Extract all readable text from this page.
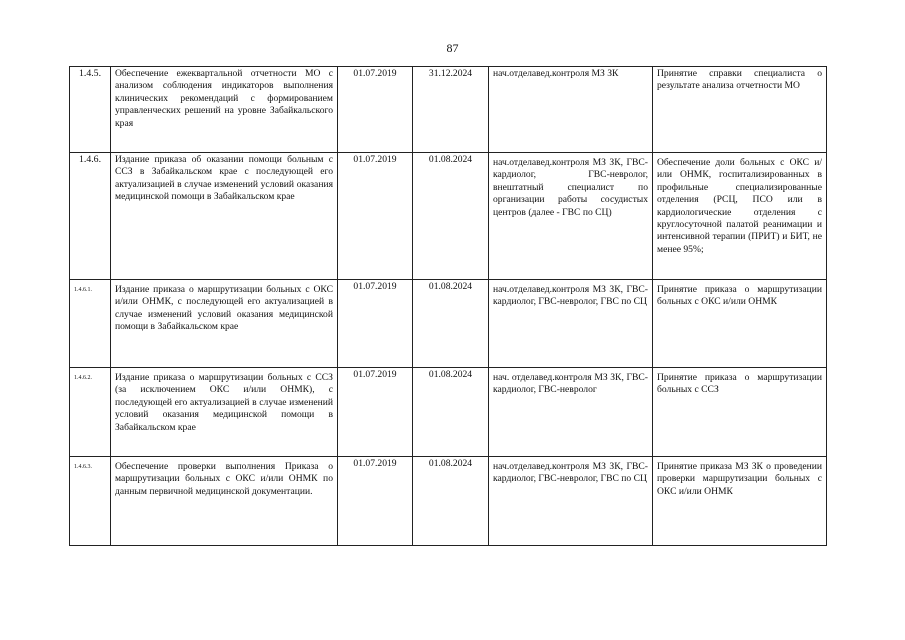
87
1.4.5.	Обеспечение ежеквартальной отчетности МО с анализом соблюдения индикаторов выполнения клинических рекомендаций с формированием управленческих решений на уровне Забайкальского края	01.07.2019	31.12.2024	нач.отделавед.контроля МЗ ЗК	Принятие справки специалиста о результате анализа отчетности МО
1.4.6.	Издание приказа об оказании помощи больным с ССЗ в Забайкальском крае с последующей его актуализацией в случае изменений условий оказания медицинской помощи в Забайкальском крае	01.07.2019	01.08.2024	нач.отделавед.контроля МЗ ЗК, ГВС-кардиолог, ГВС-невролог, внештатный специалист по организации работы сосудистых центров (далее - ГВС по СЦ)	Обеспечение доли больных с ОКС и/или ОНМК, госпитализированных в профильные специализированные отделения (РСЦ, ПСО или в кардиологические отделения с круглосуточной палатой реанимации и интенсивной терапии (ПРИТ) и БИТ, не менее 95%;
1.4.6.1.	Издание приказа о маршрутизации больных с ОКС и/или ОНМК, с последующей его актуализацией в случае изменений условий оказания медицинской помощи в Забайкальском крае	01.07.2019	01.08.2024	нач.отделавед.контроля МЗ ЗК, ГВС-кардиолог, ГВС-невролог, ГВС по СЦ	Принятие приказа о маршрутизации больных с ОКС и/или ОНМК
1.4.6.2.	Издание приказа о маршрутизации больных с ССЗ (за исключением ОКС и/или ОНМК), с последующей его актуализацией в случае изменений условий оказания медицинской помощи в Забайкальском крае	01.07.2019	01.08.2024	нач. отделавед.контроля МЗ ЗК, ГВС-кардиолог, ГВС-невролог	Принятие приказа о маршрутизации больных с ССЗ
1.4.6.3.	Обеспечение проверки выполнения Приказа о маршрутизации больных с ОКС и/или ОНМК по данным первичной медицинской документации.	01.07.2019	01.08.2024	нач.отделавед.контроля МЗ ЗК, ГВС-кардиолог, ГВС-невролог, ГВС по СЦ	Принятие приказа МЗ ЗК о проведении проверки маршрутизации больных с ОКС и/или ОНМК
